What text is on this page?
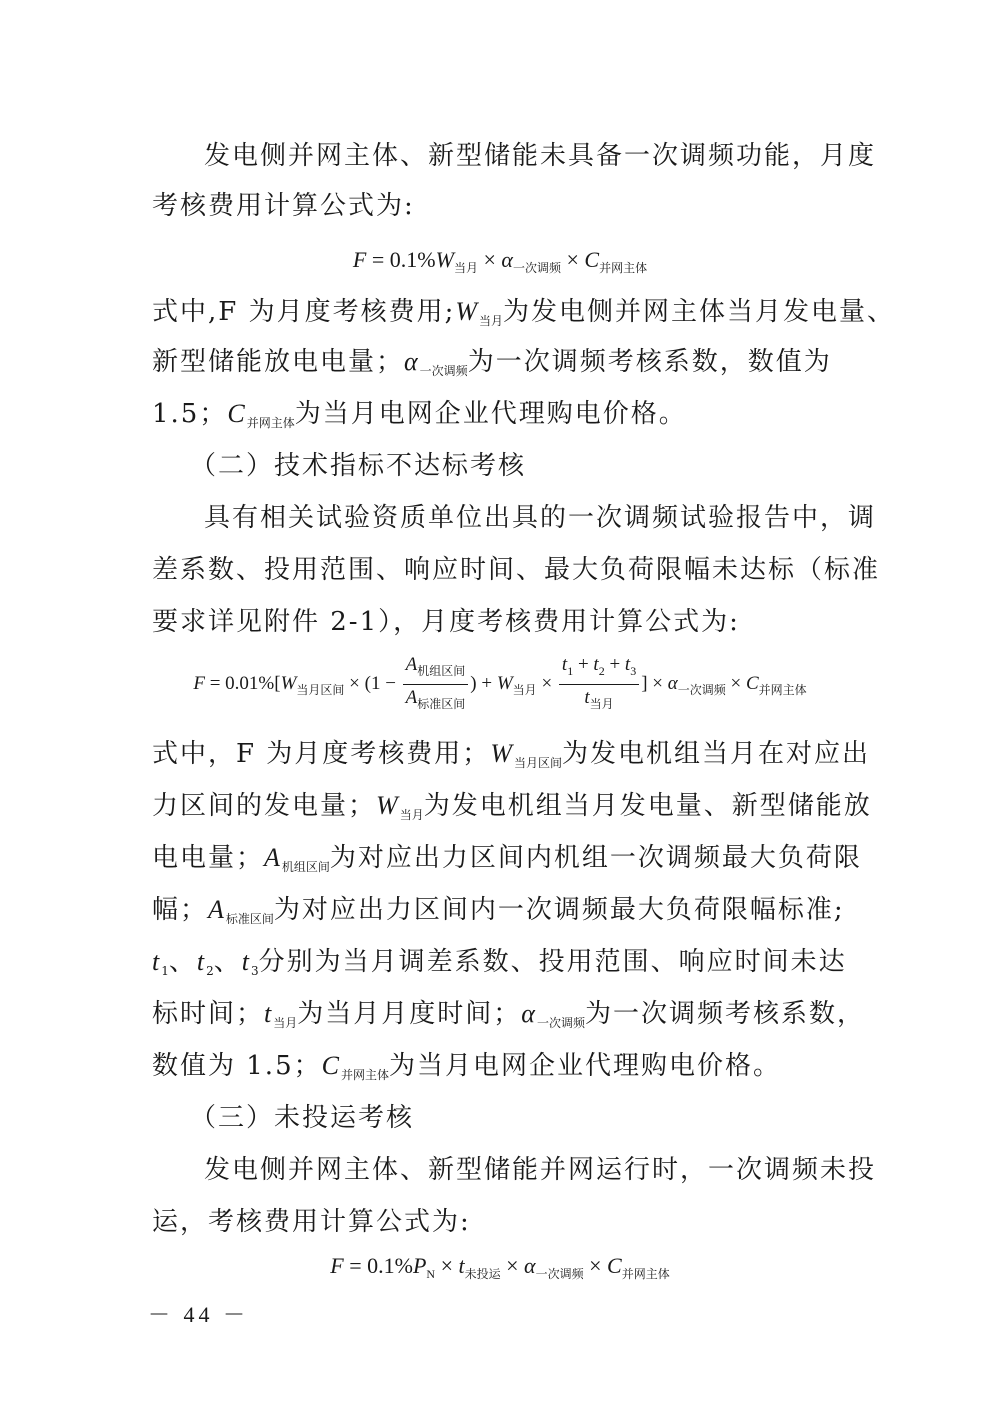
发电侧并网主体、新型储能未具备一次调频功能，月度
考核费用计算公式为:
$F = 0.1\%W_{当月} \times \alpha_{一次调频} \times C_{并网主体}$
式中,F 为月度考核费用$;W_{当月}$为发电侧并网主体当月发电量、
新型储能放电电量；$\alpha_{一次调频}$为一次调频考核系数，数值为
1.5；$C_{并网主体}$为当月电网企业代理购电价格。
（二）技术指标不达标考核
具有相关试验资质单位出具的一次调频试验报告中，调
差系数、投用范围、响应时间、最大负荷限幅未达标（标准
要求详见附件 2-1），月度考核费用计算公式为:
$F = 0.01\%[W_{当月区间} \times (1 - \frac{A_{机组区间}}{A_{标准区间}}$ ) + $W_{当月} \times \frac{t_1 + t_2 + t_3}{t_{当月}}$ ] × $\alpha_{一次调频} \times C_{并网主体}$
式中，F 为月度考核费用；$W_{当月区间}$为发电机组当月在对应出
力区间的发电量；$W_{当月}$为发电机组当月发电量、新型储能放
电电量；$A_{机组区间}$为对应出力区间内机组一次调频最大负荷限
幅；$A_{标准区间}$为对应出力区间内一次调频最大负荷限幅标准;
$t_1$、$t_2$、$t_3$分别为当月调差系数、投用范围、响应时间未达
标时间；$t_{当月}$为当月月度时间；$\alpha_{一次调频}$为一次调频考核系数，
数值为 1.5；$C_{并网主体}$为当月电网企业代理购电价格。
（三）未投运考核
发电侧并网主体、新型储能并网运行时，一次调频未投
运，考核费用计算公式为:
$F = 0.1\%P_N \times t_{未投运} \times \alpha_{一次调频} \times C_{并网主体}$
－ 44 －
